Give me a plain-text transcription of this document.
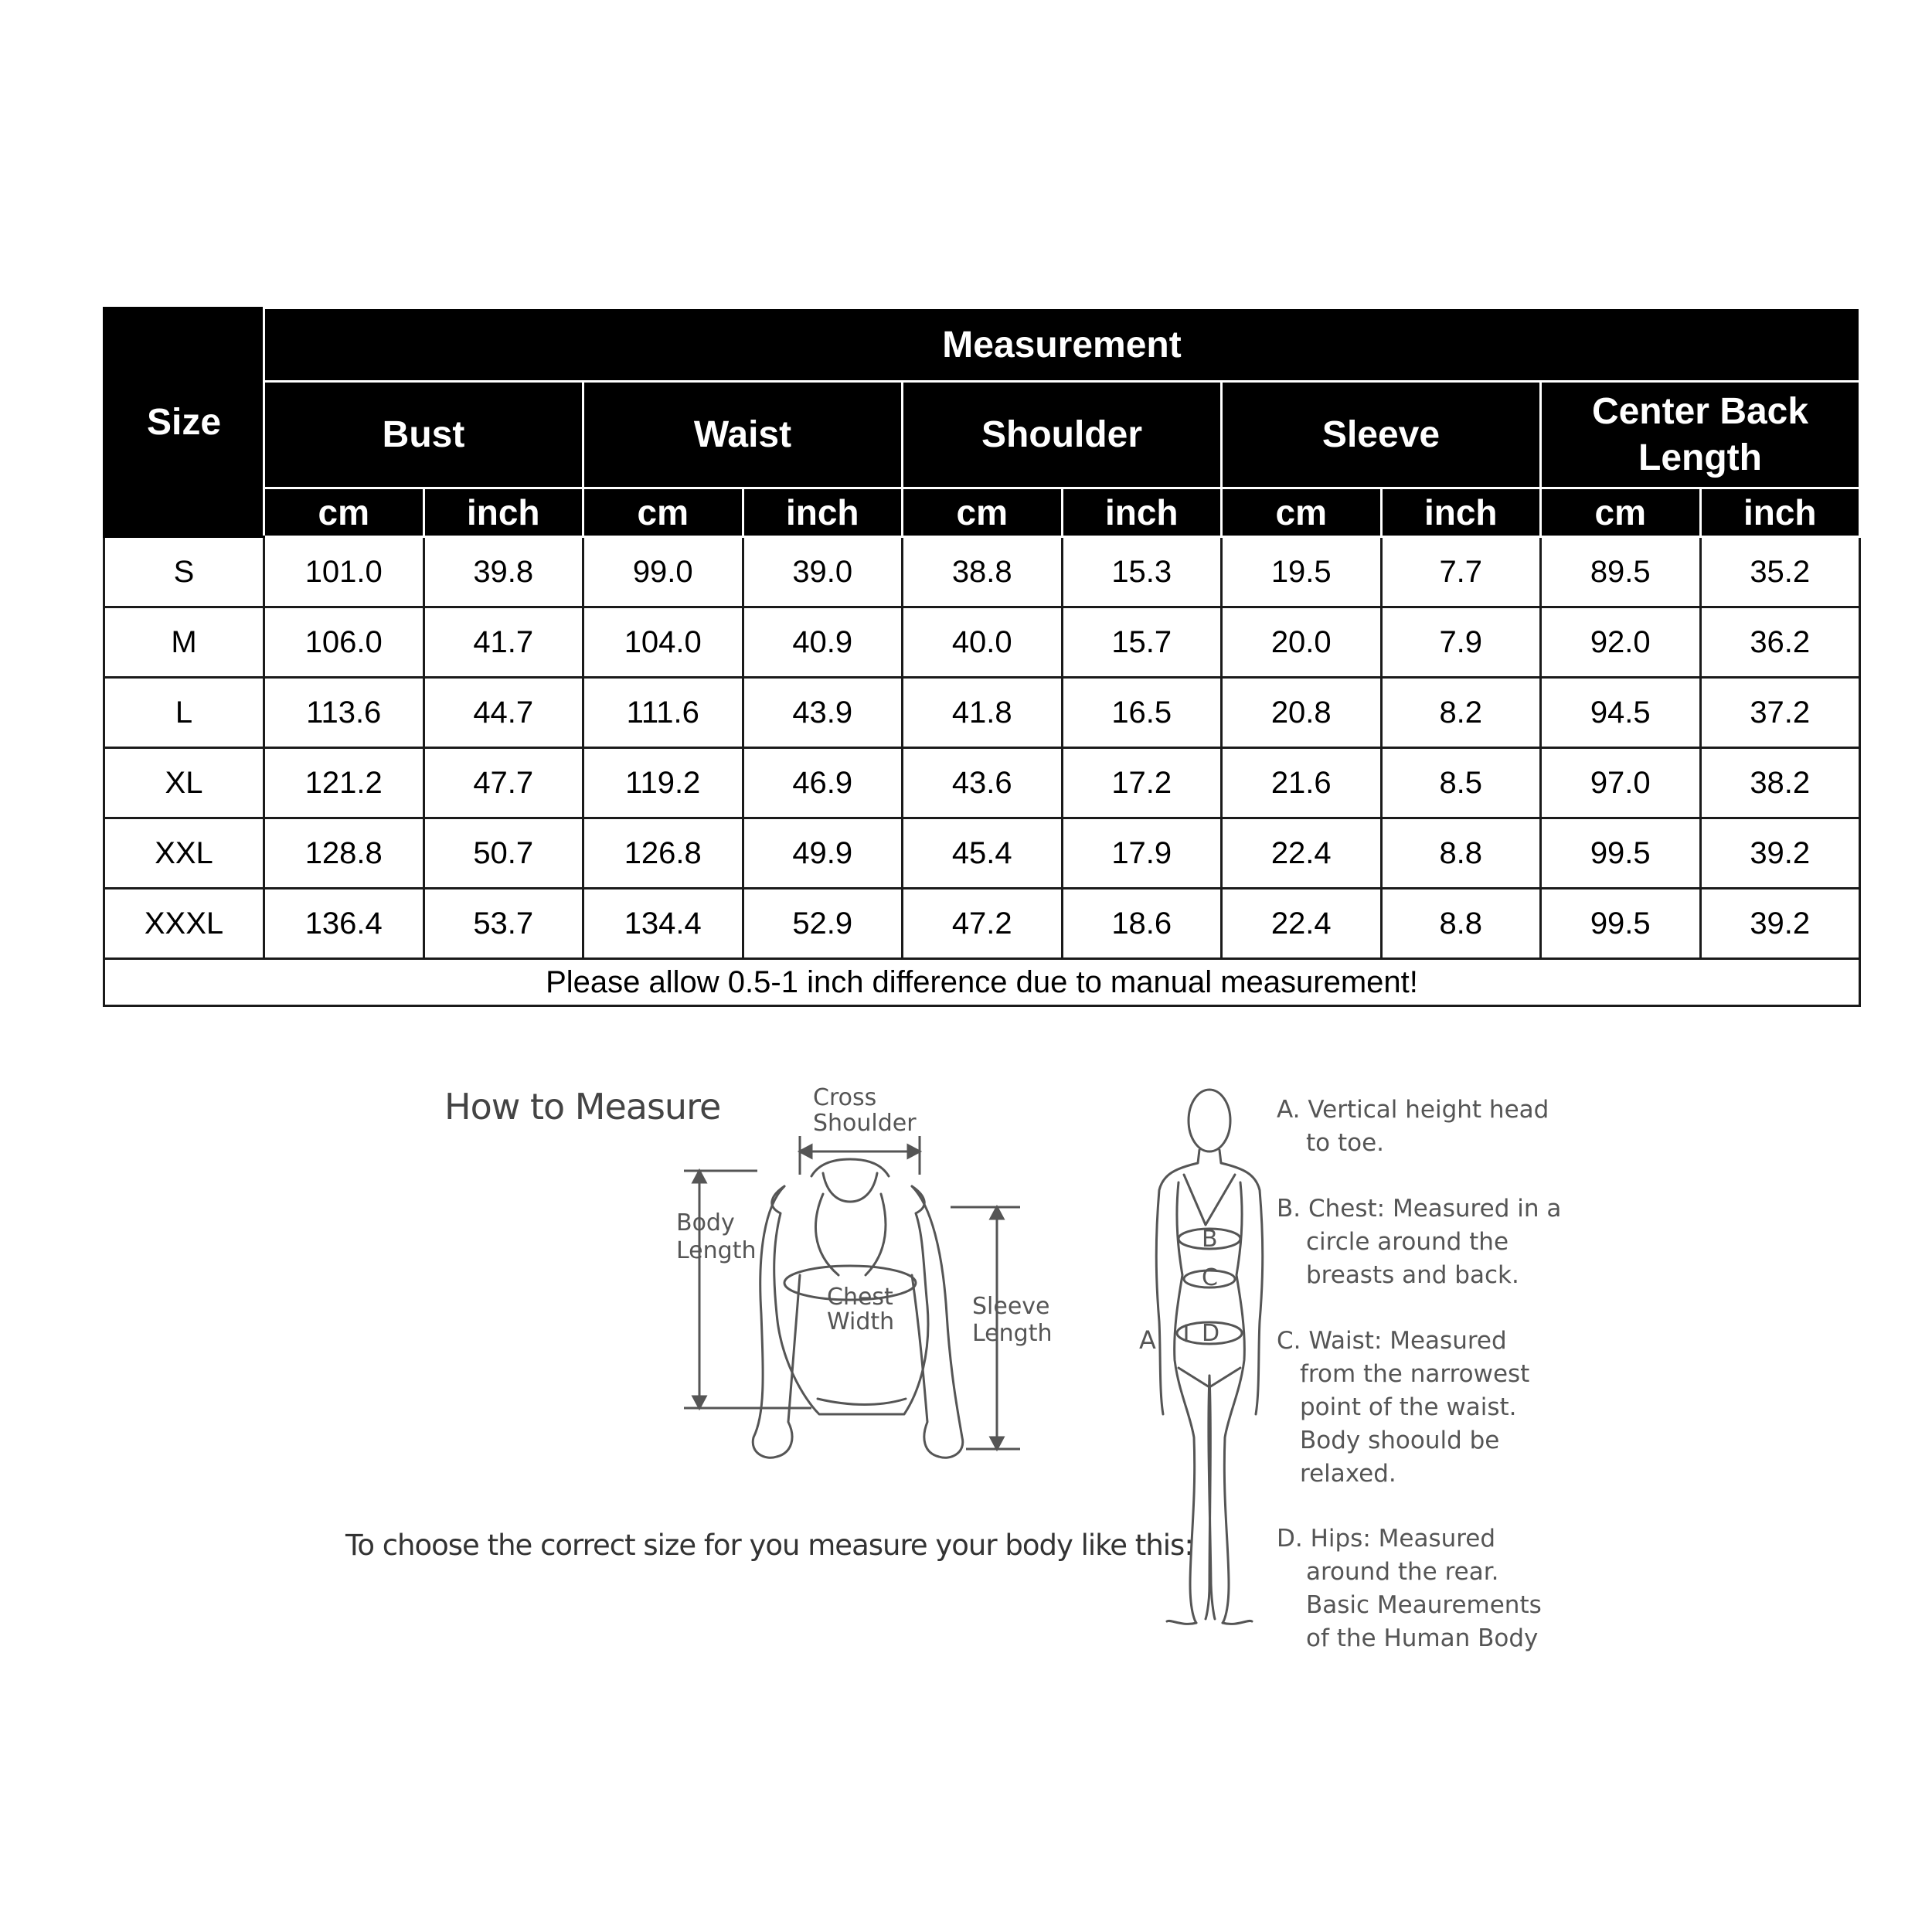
Size	Measurement									
	Bust		Waist		Shoulder		Sleeve		Center Back Length	
	cm	inch	cm	inch	cm	inch	cm	inch	cm	inch
S	101.0	39.8	99.0	39.0	38.8	15.3	19.5	7.7	89.5	35.2
M	106.0	41.7	104.0	40.9	40.0	15.7	20.0	7.9	92.0	36.2
L	113.6	44.7	111.6	43.9	41.8	16.5	20.8	8.2	94.5	37.2
XL	121.2	47.7	119.2	46.9	43.6	17.2	21.6	8.5	97.0	38.2
XXL	128.8	50.7	126.8	49.9	45.4	17.9	22.4	8.8	99.5	39.2
XXXL	136.4	53.7	134.4	52.9	47.2	18.6	22.4	8.8	99.5	39.2
Please allow 0.5-1 inch difference due to manual measurement!										
How to Measure
To choose the correct size for you measure your body like this:
Cross
Shoulder
Body
Length
Chest
Width
Sleeve
Length	A
B
C
D
A. Vertical height head
to toe.
B. Chest: Measured in a
circle around the
breasts and back.
C. Waist: Measured
from the narrowest
point of the waist.
Body shoould be
relaxed.
D. Hips: Measured
around the rear.
Basic Meaurements
of the Human Body
